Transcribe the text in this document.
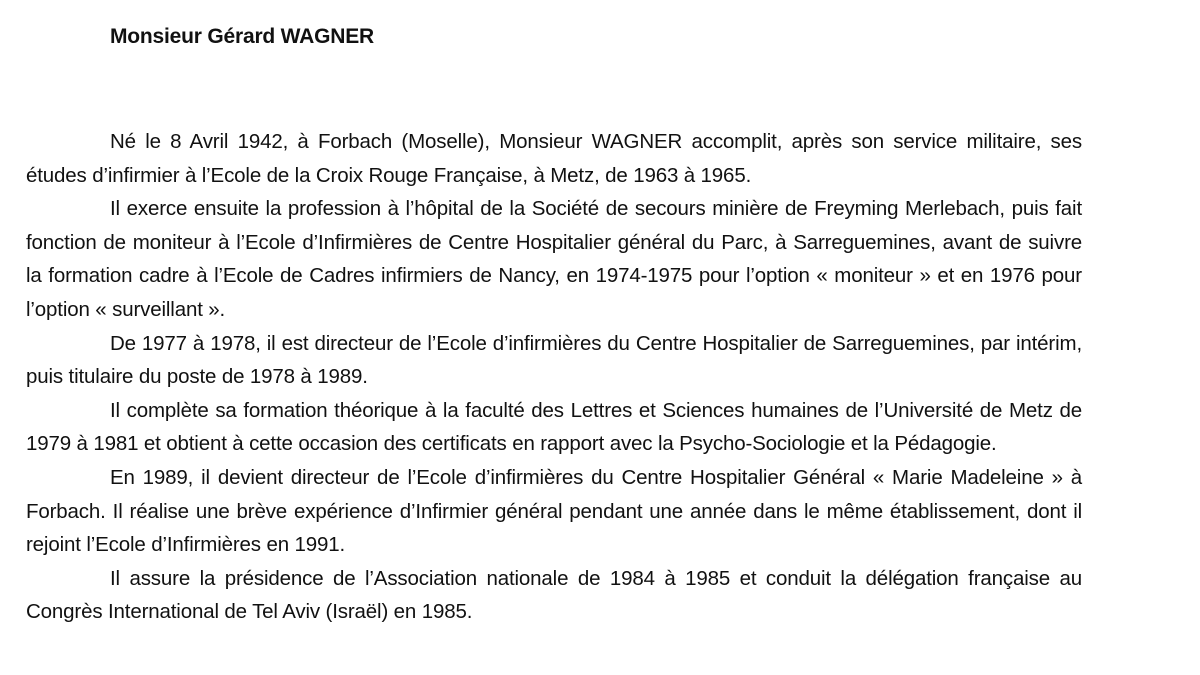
Monsieur Gérard WAGNER

Né le 8 Avril 1942, à Forbach (Moselle), Monsieur WAGNER accomplit, après son service militaire, ses études d’infirmier à l’Ecole de la Croix Rouge Française, à Metz, de 1963 à 1965.

Il exerce ensuite la profession à l’hôpital de la Société de secours minière de Freyming Merlebach, puis fait fonction de moniteur à l’Ecole d’Infirmières de Centre Hospitalier général du Parc, à Sarreguemines, avant de suivre la formation cadre à l’Ecole de Cadres infirmiers de Nancy, en 1974-1975 pour l’option « moniteur » et en 1976 pour l’option « surveillant ».

De 1977 à 1978, il est directeur de l’Ecole d’infirmières du Centre Hospitalier de Sarreguemines, par intérim, puis titulaire du poste de 1978 à 1989.

Il complète sa formation théorique à la faculté des Lettres et Sciences humaines de l’Université de Metz de 1979 à 1981 et obtient à cette occasion des certificats en rapport avec la Psycho-Sociologie et la Pédagogie.

En 1989, il devient directeur de l’Ecole d’infirmières du Centre Hospitalier Général « Marie Madeleine » à Forbach. Il réalise une brève expérience d’Infirmier général pendant une année dans le même établissement, dont il rejoint l’Ecole d’Infirmières en 1991.

Il assure la présidence de l’Association nationale de 1984 à 1985 et conduit la délégation française au Congrès International de Tel Aviv (Israël) en 1985.
